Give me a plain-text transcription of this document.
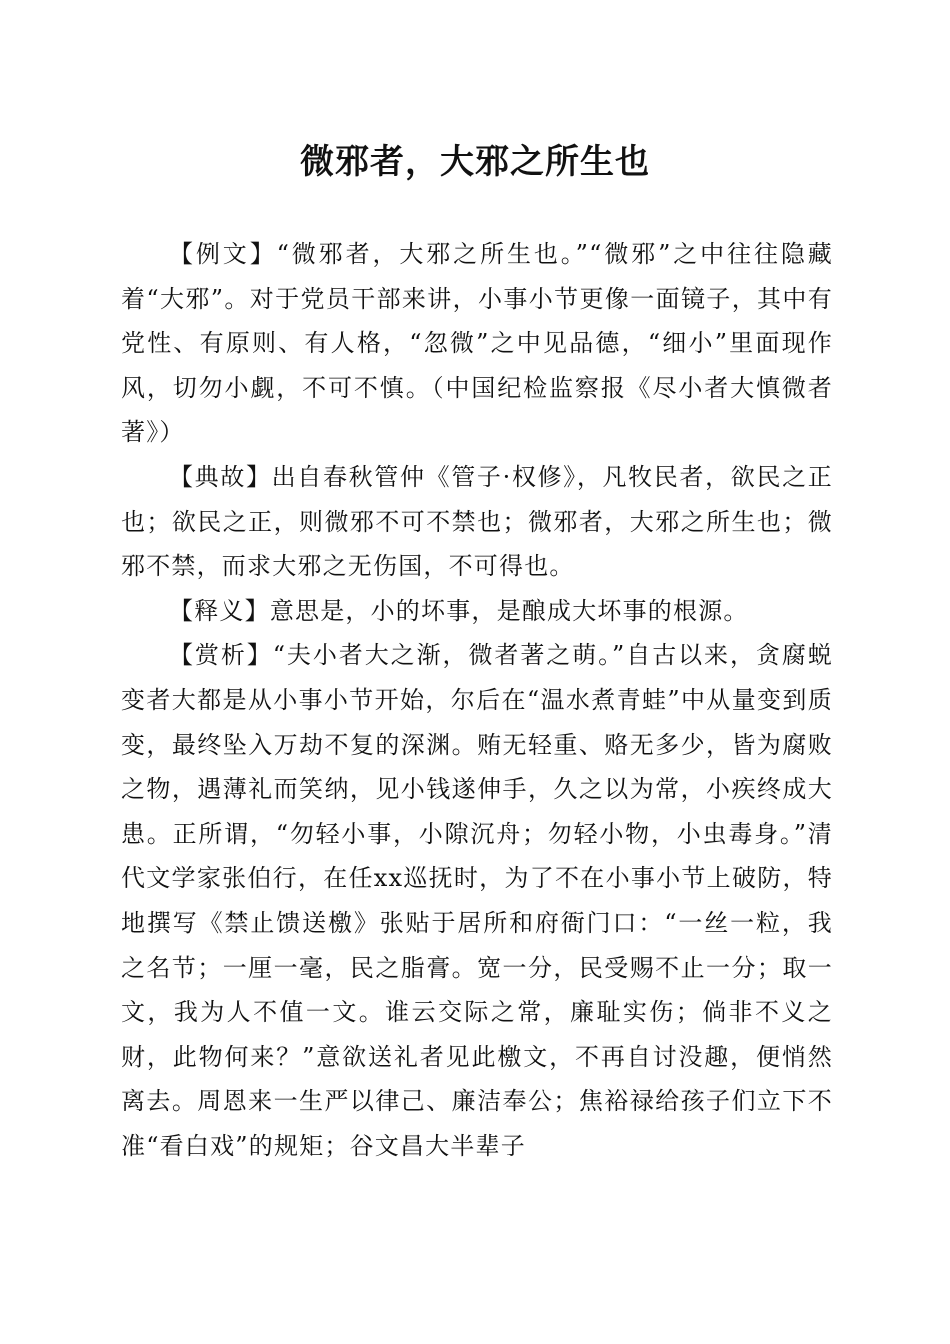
微邪者，大邪之所生也

【例文】“微邪者，大邪之所生也。”“微邪”之中往往隐藏着“大邪”。对于党员干部来讲，小事小节更像一面镜子，其中有党性、有原则、有人格，“忽微”之中见品德，“细小”里面现作风，切勿小觑，不可不慎。（中国纪检监察报《尽小者大慎微者著》）

【典故】出自春秋管仲《管子·权修》，凡牧民者，欲民之正也；欲民之正，则微邪不可不禁也；微邪者，大邪之所生也；微邪不禁，而求大邪之无伤国，不可得也。

【释义】意思是，小的坏事，是酿成大坏事的根源。

【赏析】“夫小者大之渐，微者著之萌。”自古以来，贪腐蜕变者大都是从小事小节开始，尔后在“温水煮青蛙”中从量变到质变，最终坠入万劫不复的深渊。贿无轻重、赂无多少，皆为腐败之物，遇薄礼而笑纳，见小钱遂伸手，久之以为常，小疾终成大患。正所谓，“勿轻小事，小隙沉舟；勿轻小物，小虫毒身。”清代文学家张伯行，在任xx巡抚时，为了不在小事小节上破防，特地撰写《禁止馈送檄》张贴于居所和府衙门口：“一丝一粒，我之名节；一厘一毫，民之脂膏。宽一分，民受赐不止一分；取一文，我为人不值一文。谁云交际之常，廉耻实伤；倘非不义之财，此物何来？”意欲送礼者见此檄文，不再自讨没趣，便悄然离去。周恩来一生严以律己、廉洁奉公；焦裕禄给孩子们立下不准“看白戏”的规矩；谷文昌大半辈子
